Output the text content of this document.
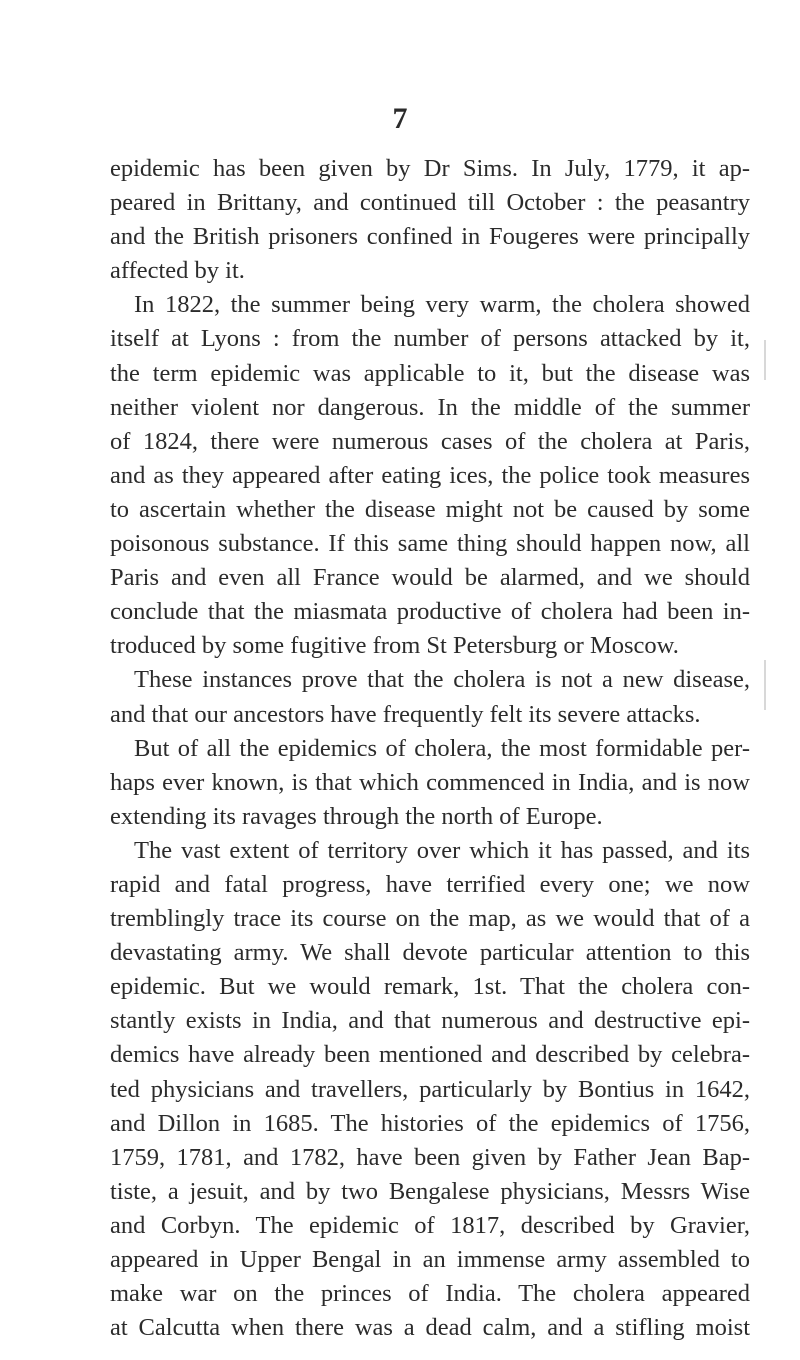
7
epidemic has been given by Dr Sims. In July, 1779, it ap-
peared in Brittany, and continued till October : the peasantry
and the British prisoners confined in Fougeres were principally
affected by it.
In 1822, the summer being very warm, the cholera showed
itself at Lyons : from the number of persons attacked by it,
the term epidemic was applicable to it, but the disease was
neither violent nor dangerous. In the middle of the summer
of 1824, there were numerous cases of the cholera at Paris,
and as they appeared after eating ices, the police took measures
to ascertain whether the disease might not be caused by some
poisonous substance. If this same thing should happen now, all
Paris and even all France would be alarmed, and we should
conclude that the miasmata productive of cholera had been in-
troduced by some fugitive from St Petersburg or Moscow.
These instances prove that the cholera is not a new disease,
and that our ancestors have frequently felt its severe attacks.
But of all the epidemics of cholera, the most formidable per-
haps ever known, is that which commenced in India, and is now
extending its ravages through the north of Europe.
The vast extent of territory over which it has passed, and its
rapid and fatal progress, have terrified every one; we now
tremblingly trace its course on the map, as we would that of a
devastating army. We shall devote particular attention to this
epidemic. But we would remark, 1st. That the cholera con-
stantly exists in India, and that numerous and destructive epi-
demics have already been mentioned and described by celebra-
ted physicians and travellers, particularly by Bontius in 1642,
and Dillon in 1685. The histories of the epidemics of 1756,
1759, 1781, and 1782, have been given by Father Jean Bap-
tiste, a jesuit, and by two Bengalese physicians, Messrs Wise
and Corbyn. The epidemic of 1817, described by Gravier,
appeared in Upper Bengal in an immense army assembled to
make war on the princes of India. The cholera appeared
at Calcutta when there was a dead calm, and a stifling moist
